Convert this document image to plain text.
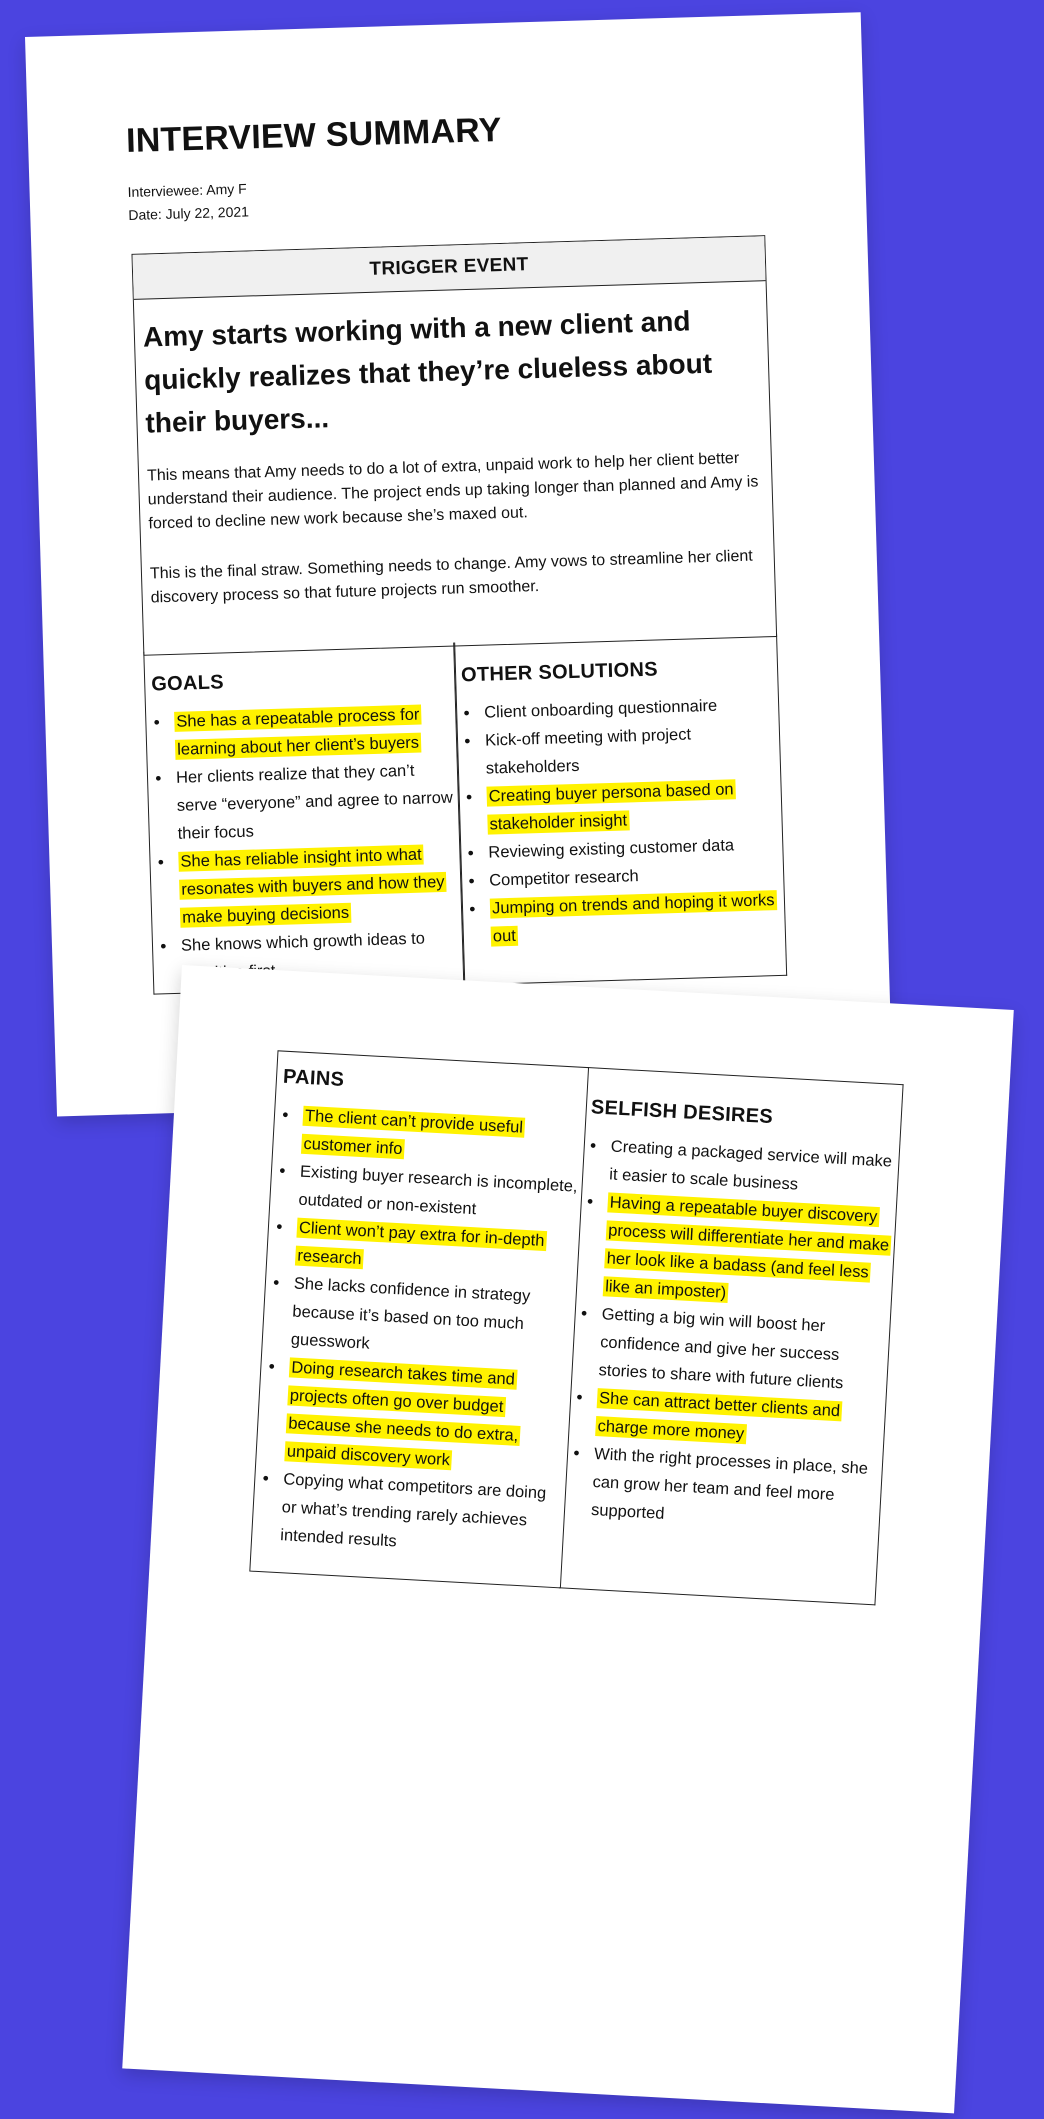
INTERVIEW SUMMARY
Interviewee: Amy F
Date: July 22, 2021
TRIGGER EVENT
Amy starts working with a new client and quickly realizes that they’re clueless about their buyers...

This means that Amy needs to do a lot of extra, unpaid work to help her client better understand their audience. The project ends up taking longer than planned and Amy is forced to decline new work because she’s maxed out.

This is the final straw. Something needs to change. Amy vows to streamline her client discovery process so that future projects run smoother.

GOALS
● She has a repeatable process for learning about her client’s buyers
● Her clients realize that they can’t serve “everyone” and agree to narrow their focus
● She has reliable insight into what resonates with buyers and how they make buying decisions
● She knows which growth ideas to
OTHER SOLUTIONS
● Client onboarding questionnaire
● Kick-off meeting with project stakeholders
● Creating buyer persona based on stakeholder insight
● Reviewing existing customer data
● Competitor research
● Jumping on trends and hoping it works out
PAINS
● The client can’t provide useful customer info
● Existing buyer research is incomplete, outdated or non-existent
● Client won’t pay extra for in-depth research
● She lacks confidence in strategy because it’s based on too much guesswork
● Doing research takes time and projects often go over budget because she needs to do extra, unpaid discovery work
● Copying what competitors are doing or what’s trending rarely achieves intended results
SELFISH DESIRES
● Creating a packaged service will make it easier to scale business
● Having a repeatable buyer discovery process will differentiate her and make her look like a badass (and feel less like an imposter)
● Getting a big win will boost her confidence and give her success stories to share with future clients
● She can attract better clients and charge more money
● With the right processes in place, she can grow her team and feel more supported
